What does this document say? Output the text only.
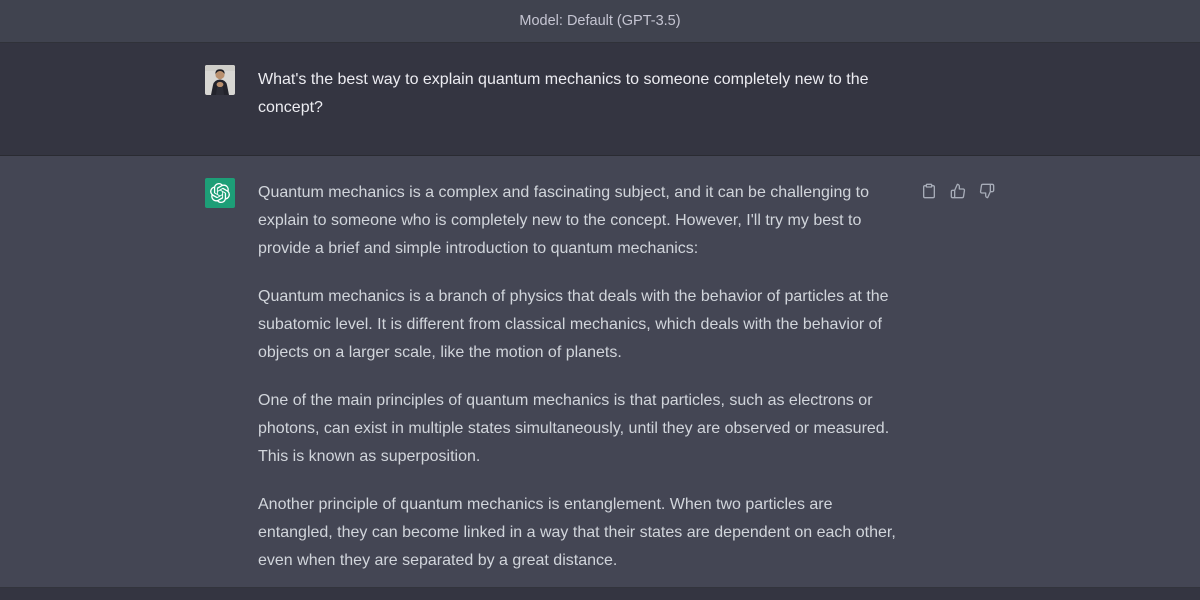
Model: Default (GPT-3.5)
What's the best way to explain quantum mechanics to someone completely new to the concept?

Quantum mechanics is a complex and fascinating subject, and it can be challenging to explain to someone who is completely new to the concept. However, I'll try my best to provide a brief and simple introduction to quantum mechanics:

Quantum mechanics is a branch of physics that deals with the behavior of particles at the subatomic level. It is different from classical mechanics, which deals with the behavior of objects on a larger scale, like the motion of planets.

One of the main principles of quantum mechanics is that particles, such as electrons or photons, can exist in multiple states simultaneously, until they are observed or measured. This is known as superposition.

Another principle of quantum mechanics is entanglement. When two particles are entangled, they can become linked in a way that their states are dependent on each other, even when they are separated by a great distance.
